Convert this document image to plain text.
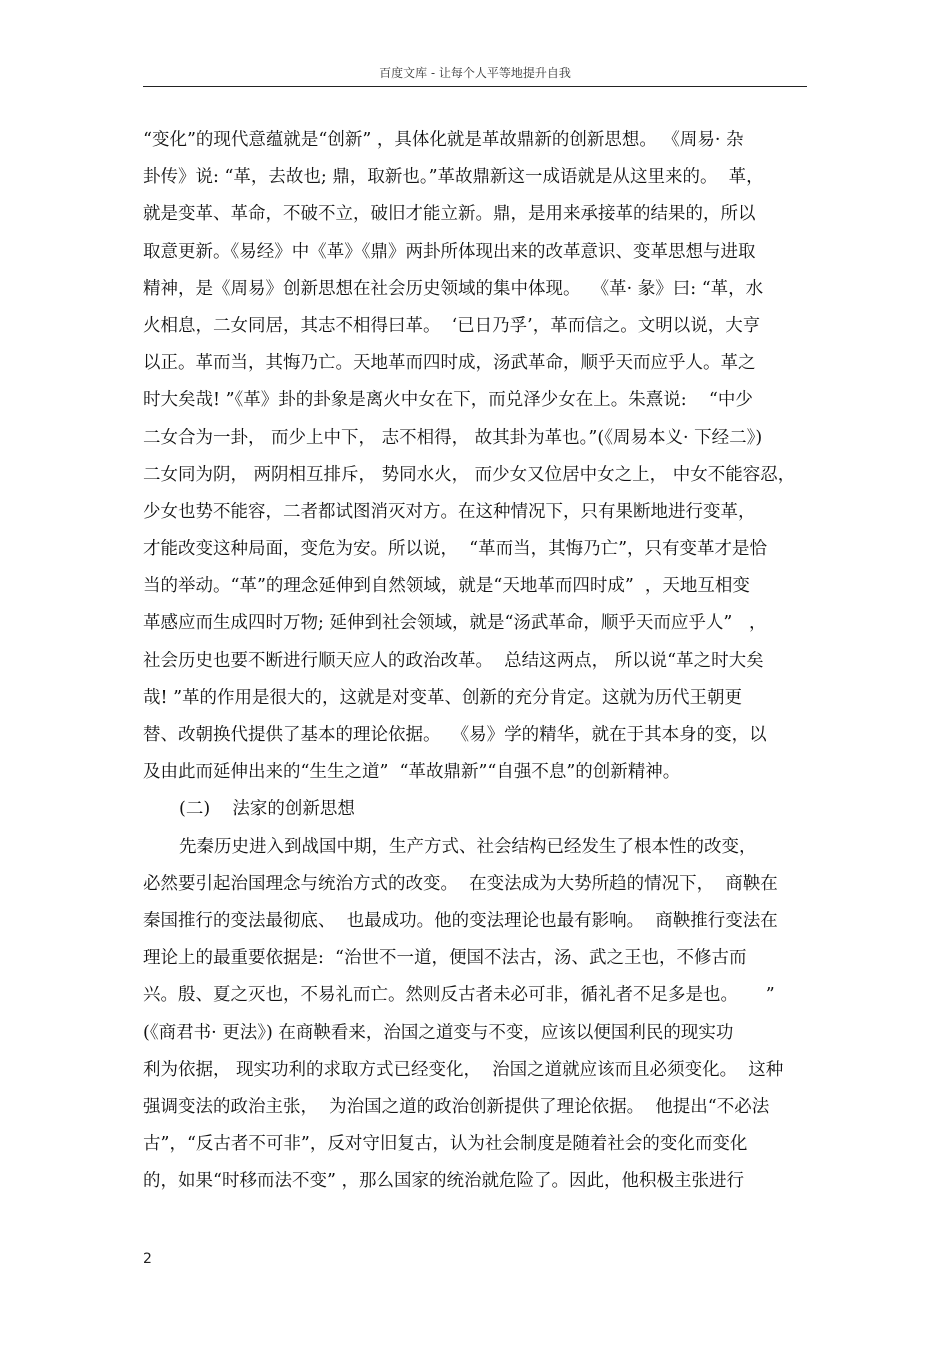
百度文库 - 让每个人平等地提升自我
“变化”的现代意蕴就是“创新” ，具体化就是革故鼎新的创新思想。 《周易· 杂
卦传》说: “革，去故也; 鼎，取新也。”革故鼎新这一成语就是从这里来的。  革，
就是变革、革命，不破不立，破旧才能立新。鼎，是用来承接革的结果的，所以
取意更新。《易经》中《革》《鼎》两卦所体现出来的改革意识、变革思想与进取
精神，是《周易》创新思想在社会历史领域的集中体现。  《革· 彖》曰: “革，水
火相息，二女同居，其志不相得曰革。  ‘已日乃孚’，革而信之。文明以说，大亨
以正。革而当，其悔乃亡。天地革而四时成，汤武革命，顺乎天而应乎人。革之
时大矣哉! ”《革》卦的卦象是离火中女在下，而兑泽少女在上。朱熹说:    “中少
二女合为一卦， 而少上中下， 志不相得， 故其卦为革也。”(《周易本义· 下经二》)
二女同为阴， 两阴相互排斥， 势同水火， 而少女又位居中女之上， 中女不能容忍，
少女也势不能容，二者都试图消灭对方。在这种情况下，只有果断地进行变革，
才能改变这种局面，变危为安。所以说，  “革而当，其悔乃亡”，只有变革才是恰
当的举动。“革”的理念延伸到自然领域，就是“天地革而四时成”  ，天地互相变
革感应而生成四时万物; 延伸到社会领域，就是“汤武革命，顺乎天而应乎人”   ，
社会历史也要不断进行顺天应人的政治改革。  总结这两点， 所以说“革之时大矣
哉! ”革的作用是很大的，这就是对变革、创新的充分肯定。这就为历代王朝更
替、改朝换代提供了基本的理论依据。  《易》学的精华，就在于其本身的变，以
及由此而延伸出来的“生生之道”  “革故鼎新”“自强不息”的创新精神。
(二)    法家的创新思想
先秦历史进入到战国中期，生产方式、社会结构已经发生了根本性的改变，
必然要引起治国理念与统治方式的改变。  在变法成为大势所趋的情况下，  商鞅在
秦国推行的变法最彻底、  也最成功。他的变法理论也最有影响。  商鞅推行变法在
理论上的最重要依据是:  “治世不一道，便国不法古，汤、武之王也，不修古而
兴。殷、夏之灭也，不易礼而亡。然则反古者未必可非，循礼者不足多是也。     ”
(《商君书· 更法》) 在商鞅看来，治国之道变与不变，应该以便国利民的现实功
利为依据， 现实功利的求取方式已经变化，  治国之道就应该而且必须变化。  这种
强调变法的政治主张，  为治国之道的政治创新提供了理论依据。  他提出“不必法
古”，“反古者不可非”，反对守旧复古，认为社会制度是随着社会的变化而变化
的，如果“时移而法不变” ，那么国家的统治就危险了。因此，他积极主张进行
2
